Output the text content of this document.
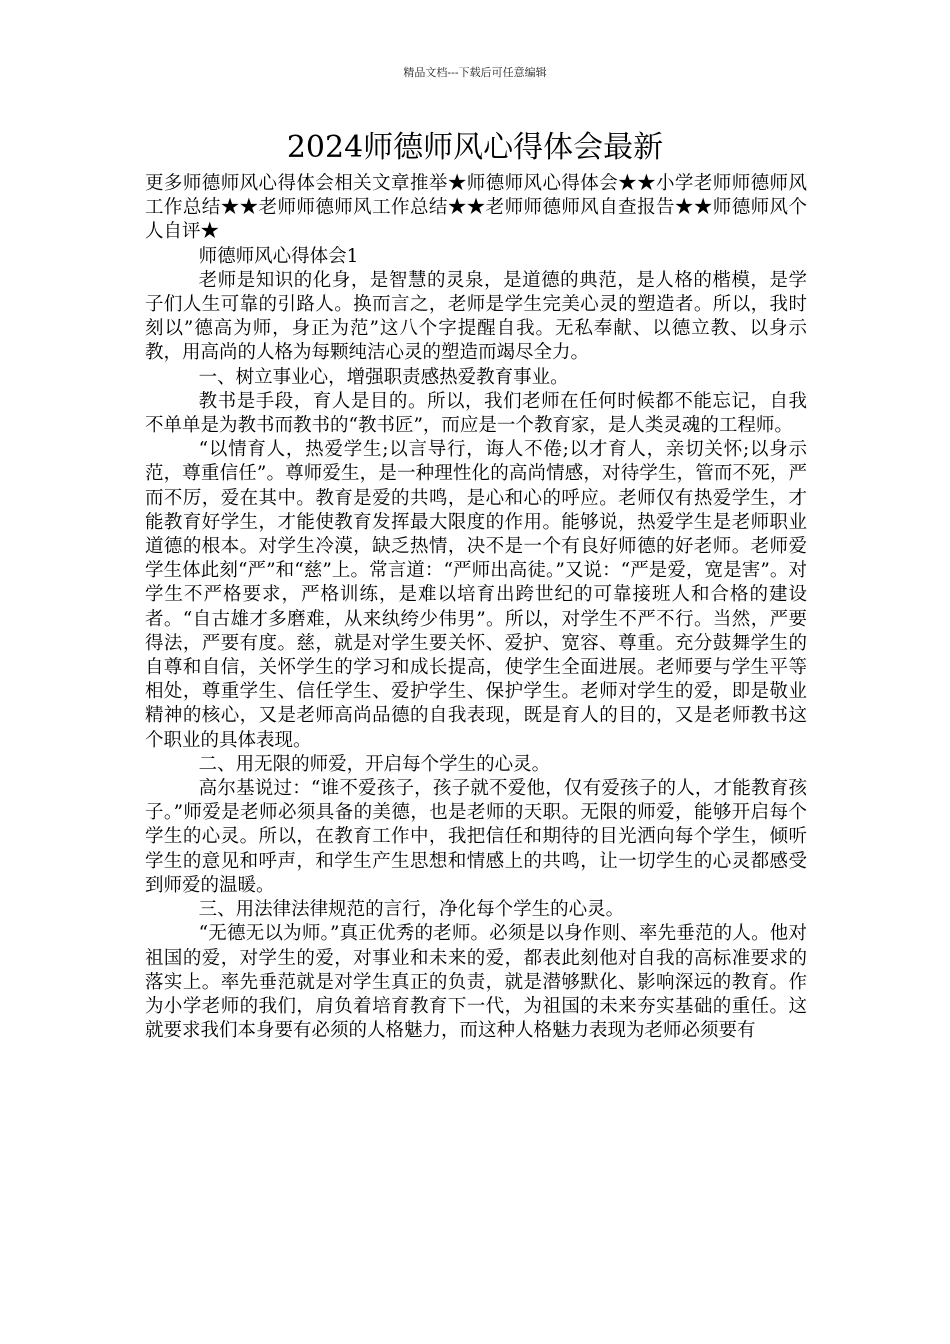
精品文档---下载后可任意编辑
2024师德师风心得体会最新

更多师德师风心得体会相关文章推举★师德师风心得体会★★小学老师师德师风工作总结★★老师师德师风工作总结★★老师师德师风自查报告★★师德师风个人自评★

师德师风心得体会1

老师是知识的化身，是智慧的灵泉，是道德的典范，是人格的楷模，是学子们人生可靠的引路人。换而言之，老师是学生完美心灵的塑造者。所以，我时刻以”德高为师，身正为范”这八个字提醒自我。无私奉献、以德立教、以身示教，用高尚的人格为每颗纯洁心灵的塑造而竭尽全力。

一、树立事业心，增强职责感热爱教育事业。

教书是手段，育人是目的。所以，我们老师在任何时候都不能忘记，自我不单单是为教书而教书的“教书匠”，而应是一个教育家，是人类灵魂的工程师。

“以情育人，热爱学生;以言导行，诲人不倦;以才育人，亲切关怀;以身示范，尊重信任”。尊师爱生，是一种理性化的高尚情感，对待学生，管而不死，严而不厉，爱在其中。教育是爱的共鸣，是心和心的呼应。老师仅有热爱学生，才能教育好学生，才能使教育发挥最大限度的作用。能够说，热爱学生是老师职业道德的根本。对学生冷漠，缺乏热情，决不是一个有良好师德的好老师。老师爱学生体此刻“严”和“慈”上。常言道：“严师出高徒。”又说：“严是爱，宽是害”。对学生不严格要求，严格训练，是难以培育出跨世纪的可靠接班人和合格的建设者。“自古雄才多磨难，从来纨绔少伟男”。所以，对学生不严不行。当然，严要得法，严要有度。慈，就是对学生要关怀、爱护、宽容、尊重。充分鼓舞学生的自尊和自信，关怀学生的学习和成长提高，使学生全面进展。老师要与学生平等相处，尊重学生、信任学生、爱护学生、保护学生。老师对学生的爱，即是敬业精神的核心，又是老师高尚品德的自我表现，既是育人的目的，又是老师教书这个职业的具体表现。

二、用无限的师爱，开启每个学生的心灵。

高尔基说过：“谁不爱孩子，孩子就不爱他，仅有爱孩子的人，才能教育孩子。”师爱是老师必须具备的美德，也是老师的天职。无限的师爱，能够开启每个学生的心灵。所以，在教育工作中，我把信任和期待的目光洒向每个学生，倾听学生的意见和呼声，和学生产生思想和情感上的共鸣，让一切学生的心灵都感受到师爱的温暖。

三、用法律法律规范的言行，净化每个学生的心灵。

“无德无以为师。”真正优秀的老师。必须是以身作则、率先垂范的人。他对祖国的爱，对学生的爱，对事业和未来的爱，都表此刻他对自我的高标准要求的落实上。率先垂范就是对学生真正的负责，就是潜够默化、影响深远的教育。作为小学老师的我们，肩负着培育教育下一代，为祖国的未来夯实基础的重任。这就要求我们本身要有必须的人格魅力，而这种人格魅力表现为老师必须要有
